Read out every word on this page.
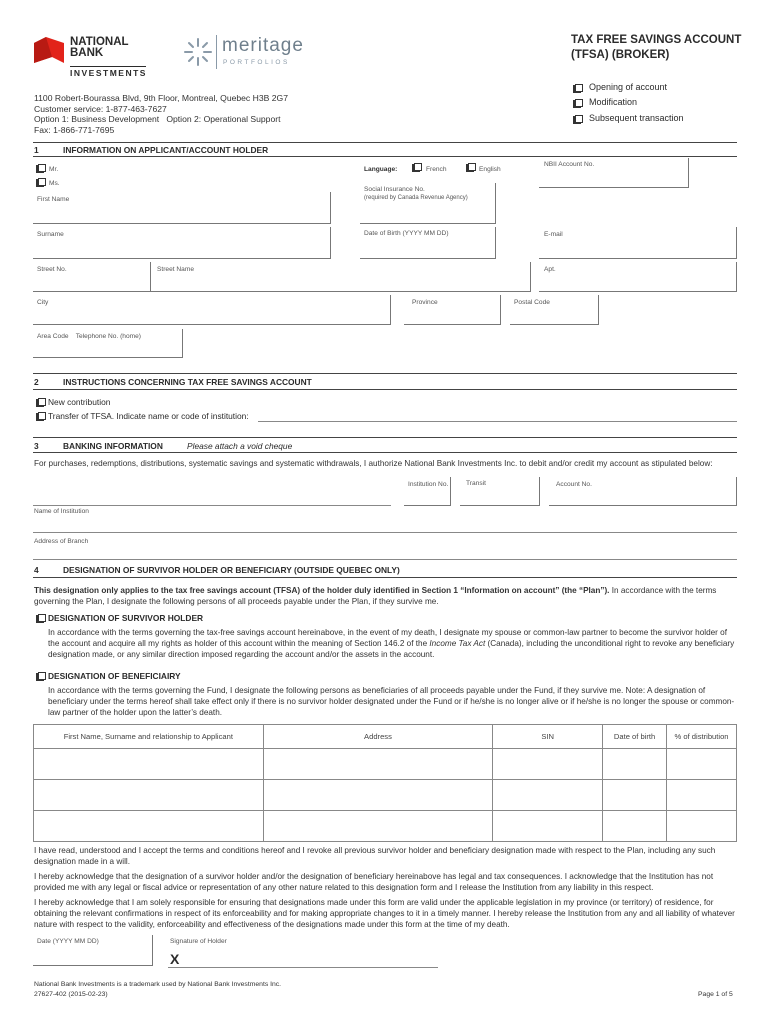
NATIONAL
BANK
INVESTMENTS
meritage
PORTFOLIOS
TAX FREE SAVINGS ACCOUNT
(TFSA) (BROKER)
Opening of account
Modification
Subsequent transaction
1100 Robert-Bourassa Blvd, 9th Floor, Montreal, Quebec H3B 2G7
Customer service: 1-877-463-7627
Option 1: Business Development   Option 2: Operational Support
Fax: 1-866-771-7695
1	INFORMATION ON APPLICANT/ACCOUNT HOLDER
Mr.
Ms.
Language:	French	English
NBII Account No.
First Name
Social Insurance No.
(required by Canada Revenue Agency)
Surname	Date of Birth (YYYY MM DD)	E-mail
Street No.	Street Name	Apt.
City	Province	Postal Code
Area Code    Telephone No. (home)
2	INSTRUCTIONS CONCERNING TAX FREE SAVINGS ACCOUNT
New contribution
Transfer of TFSA. Indicate name or code of institution:
3	BANKING INFORMATION	Please attach a void cheque
For purchases, redemptions, distributions, systematic savings and systematic withdrawals, I authorize National Bank Investments Inc. to debit and/or credit my account as stipulated below:
Institution No.	Transit	Account No.
Name of Institution
Address of Branch
4	DESIGNATION OF SURVIVOR HOLDER OR BENEFICIARY (OUTSIDE QUEBEC ONLY)
This designation only applies to the tax free savings account (TFSA) of the holder duly identified in Section 1 “Information on account” (the “Plan”). In accordance with the terms governing the Plan, I designate the following persons of all proceeds payable under the Plan, if they survive me.
DESIGNATION OF SURVIVOR HOLDER
In accordance with the terms governing the tax-free savings account hereinabove, in the event of my death, I designate my spouse or common-law partner to become the survivor holder of the account and acquire all my rights as holder of this account within the meaning of Section 146.2 of the Income Tax Act (Canada), including the unconditional right to revoke any beneficiary designation made, or any similar direction imposed regarding the account and/or the assets in the account.
DESIGNATION OF BENEFICIAIRY
In accordance with the terms governing the Fund, I designate the following persons as beneficiaries of all proceeds payable under the Fund, if they survive me. Note: A designation of beneficiary under the terms hereof shall take effect only if there is no survivor holder designated under the Fund or if he/she is no longer alive or if he/she is no longer the spouse or common-law partner of the holder upon the latter’s death.
First Name, Surname and relationship to Applicant	Address	SIN	Date of birth	% of distribution

I have read, understood and I accept the terms and conditions hereof and I revoke all previous survivor holder and beneficiary designation made with respect to the Plan, including any such designation made in a will.
I hereby acknowledge that the designation of a survivor holder and/or the designation of beneficiary hereinabove has legal and tax consequences. I acknowledge that the Institution has not provided me with any legal or fiscal advice or representation of any other nature related to this designation form and I release the Institution from any liability in this respect.
I hereby acknowledge that I am solely responsible for ensuring that designations made under this form are valid under the applicable legislation in my province (or territory) of residence, for obtaining the relevant confirmations in respect of its enforceability and for making appropriate changes to it in a timely manner. I hereby release the Institution from any and all liability of whatever nature with respect to the validity, enforceability and effectiveness of the designations made under this form at the time of my death.
Date (YYYY MM DD)	Signature of Holder
X
National Bank Investments is a trademark used by National Bank Investments Inc.
27627-402 (2015-02-23)	Page 1 of 5
